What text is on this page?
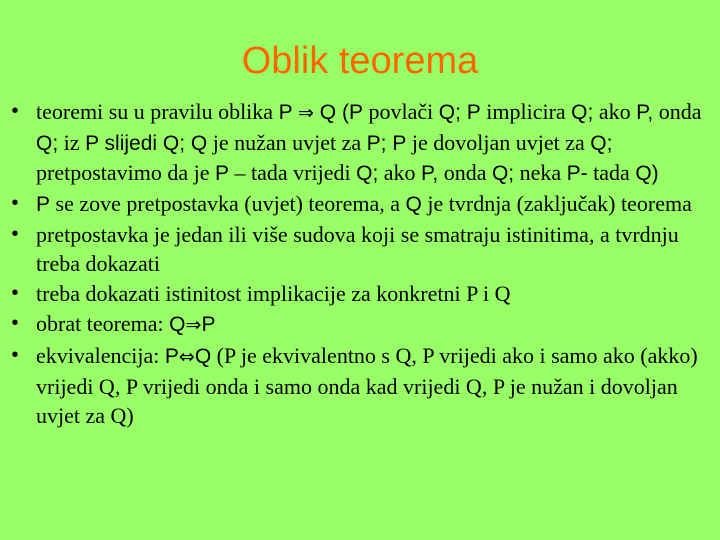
Oblik teorema
• teoremi su u pravilu oblika P ⇒ Q (P povlači Q; P implicira Q; ako P, onda Q; iz P slijedi Q; Q je nužan uvjet za P; P je dovoljan uvjet za Q; pretpostavimo da je P – tada vrijedi Q; ako P, onda Q; neka P- tada Q)
• P se zove pretpostavka (uvjet) teorema, a Q je tvrdnja (zaključak) teorema
• pretpostavka je jedan ili više sudova koji se smatraju istinitima, a tvrdnju treba dokazati
• treba dokazati istinitost implikacije za konkretni P i Q
• obrat teorema: Q⇒P
• ekvivalencija: P⇔Q (P je ekvivalentno s Q, P vrijedi ako i samo ako (akko) vrijedi Q, P vrijedi onda i samo onda kad vrijedi Q, P je nužan i dovoljan uvjet za Q)
